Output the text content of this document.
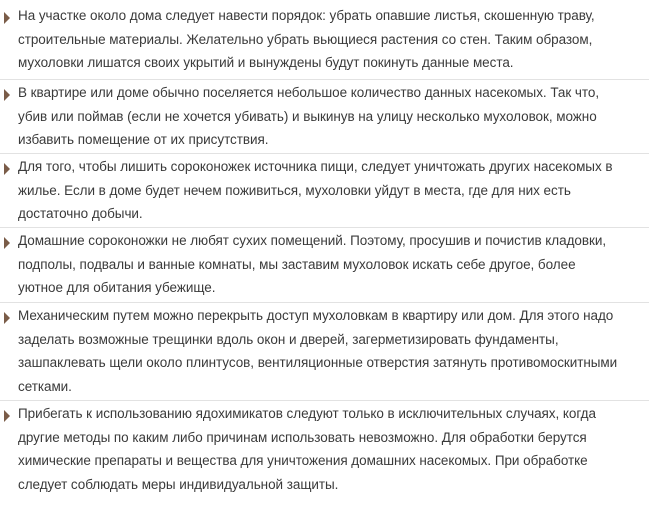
На участке около дома следует навести порядок: убрать опавшие листья, скошенную траву,
строительные материалы. Желательно убрать вьющиеся растения со стен. Таким образом,
мухоловки лишатся своих укрытий и вынуждены будут покинуть данные места.
В квартире или доме обычно поселяется небольшое количество данных насекомых. Так что,
убив или поймав (если не хочется убивать) и выкинув на улицу несколько мухоловок, можно
избавить помещение от их присутствия.
Для того, чтобы лишить сороконожек источника пищи, следует уничтожать других насекомых в
жилье. Если в доме будет нечем поживиться, мухоловки уйдут в места, где для них есть
достаточно добычи.
Домашние сороконожки не любят сухих помещений. Поэтому, просушив и почистив кладовки,
подполы, подвалы и ванные комнаты, мы заставим мухоловок искать себе другое, более
уютное для обитания убежище.
Механическим путем можно перекрыть доступ мухоловкам в квартиру или дом. Для этого надо
заделать возможные трещинки вдоль окон и дверей, загерметизировать фундаменты,
зашпаклевать щели около плинтусов, вентиляционные отверстия затянуть противомоскитными
сетками.
Прибегать к использованию ядохимикатов следуют только в исключительных случаях, когда
другие методы по каким либо причинам использовать невозможно. Для обработки берутся
химические препараты и вещества для уничтожения домашних насекомых. При обработке
следует соблюдать меры индивидуальной защиты.
